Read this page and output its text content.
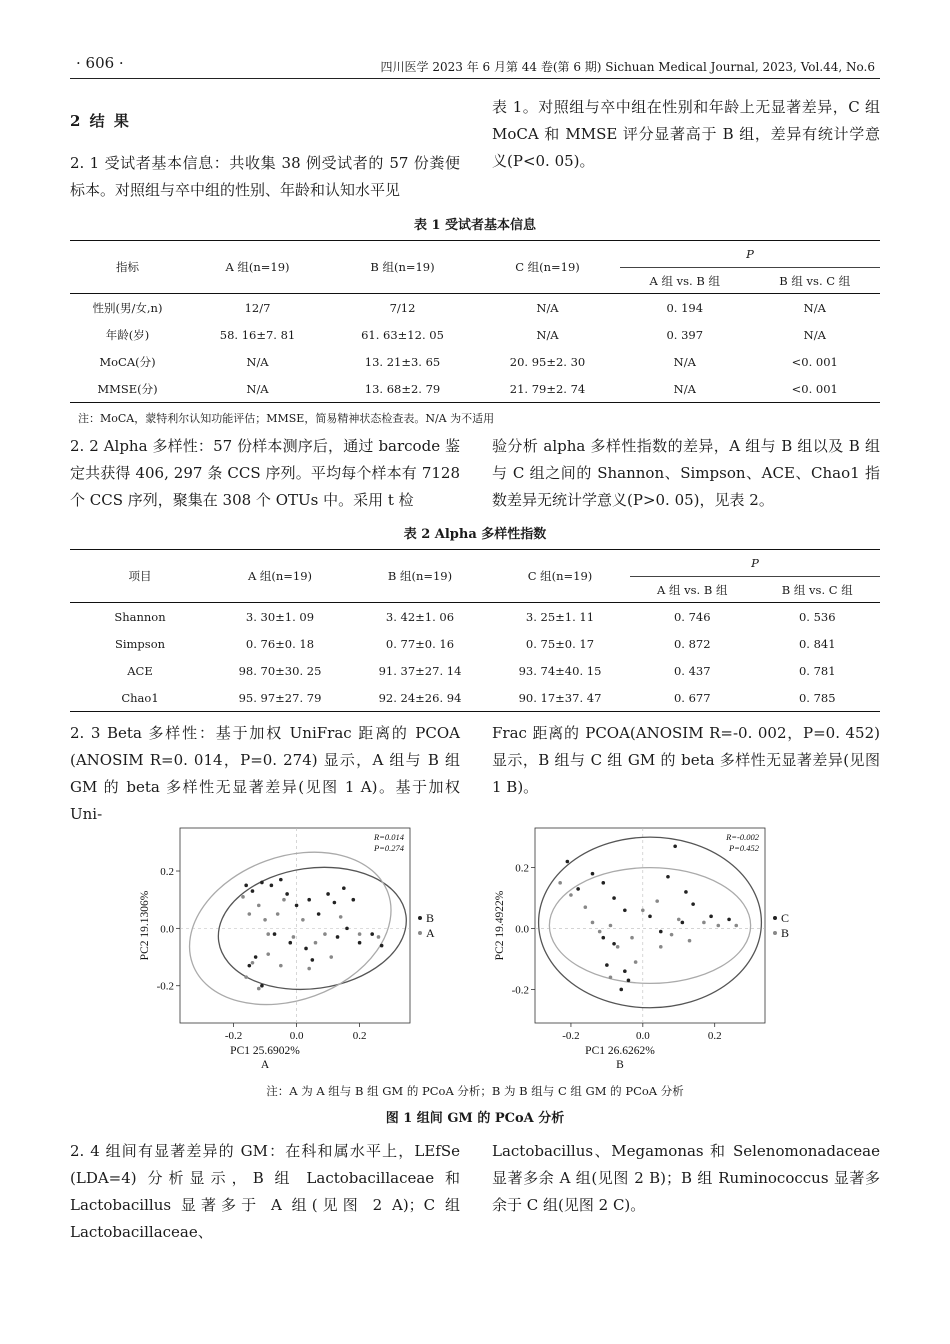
· 606 ·	四川医学 2023 年 6 月第 44 卷(第 6 期) Sichuan Medical Journal, 2023, Vol.44, No.6
2 结 果

2. 1 受试者基本信息：共收集 38 例受试者的 57 份粪便标本。对照组与卒中组的性别、年龄和认知水平见

表 1。对照组与卒中组在性别和年龄上无显著差异，C 组 MoCA 和 MMSE 评分显著高于 B 组，差异有统计学意义(P<0. 05)。

表 1 受试者基本信息
指标	A 组(n=19)	B 组(n=19)	C 组(n=19)	P	
				A 组 vs. B 组	B 组 vs. C 组
性别(男/女,n)	12/7	7/12	N/A	0. 194	N/A
年龄(岁)	58. 16±7. 81	61. 63±12. 05	N/A	0. 397	N/A
MoCA(分)	N/A	13. 21±3. 65	20. 95±2. 30	N/A	<0. 001
MMSE(分)	N/A	13. 68±2. 79	21. 79±2. 74	N/A	<0. 001
注：MoCA，蒙特利尔认知功能评估；MMSE，简易精神状态检查表。N/A 为不适用

2. 2 Alpha 多样性：57 份样本测序后，通过 barcode 鉴定共获得 406, 297 条 CCS 序列。平均每个样本有 7128 个 CCS 序列，聚集在 308 个 OTUs 中。采用 t 检

验分析 alpha 多样性指数的差异，A 组与 B 组以及 B 组与 C 组之间的 Shannon、Simpson、ACE、Chao1 指数差异无统计学意义(P>0. 05)，见表 2。

表 2 Alpha 多样性指数
项目	A 组(n=19)	B 组(n=19)	C 组(n=19)	P	
				A 组 vs. B 组	B 组 vs. C 组
Shannon	3. 30±1. 09	3. 42±1. 06	3. 25±1. 11	0. 746	0. 536
Simpson	0. 76±0. 18	0. 77±0. 16	0. 75±0. 17	0. 872	0. 841
ACE	98. 70±30. 25	91. 37±27. 14	93. 74±40. 15	0. 437	0. 781
Chao1	95. 97±27. 79	92. 24±26. 94	90. 17±37. 47	0. 677	0. 785

2. 3 Beta 多样性：基于加权 UniFrac 距离的 PCOA (ANOSIM R=0. 014，P=0. 274) 显示，A 组与 B 组 GM 的 beta 多样性无显著差异(见图 1 A)。基于加权 Uni-

Frac 距离的 PCOA(ANOSIM R=-0. 002，P=0. 452) 显示，B 组与 C 组 GM 的 beta 多样性无显著差异(见图 1 B)。

0.2
0.0
-0.2
-0.2	0.0	0.2
PC1 25.6902%
PC2 19.1306%
A
R=0.014
P=0.274
B
A
0.2
0.0
-0.2
-0.2	0.0	0.2
PC1 26.6262%
PC2 19.4922%
B
R=-0.002
P=0.452
C
B
注：A 为 A 组与 B 组 GM 的 PCoA 分析；B 为 B 组与 C 组 GM 的 PCoA 分析
图 1 组间 GM 的 PCoA 分析

2. 4 组间有显著差异的 GM：在科和属水平上，LEfSe (LDA=4) 分析显示，B 组 Lactobacillaceae 和 Lactobacillus 显著多于 A 组(见图 2 A)；C 组 Lactobacillaceae、

Lactobacillus、Megamonas 和 Selenomonadaceae 显著多余 A 组(见图 2 B)；B 组 Ruminococcus 显著多余于 C 组(见图 2 C)。
